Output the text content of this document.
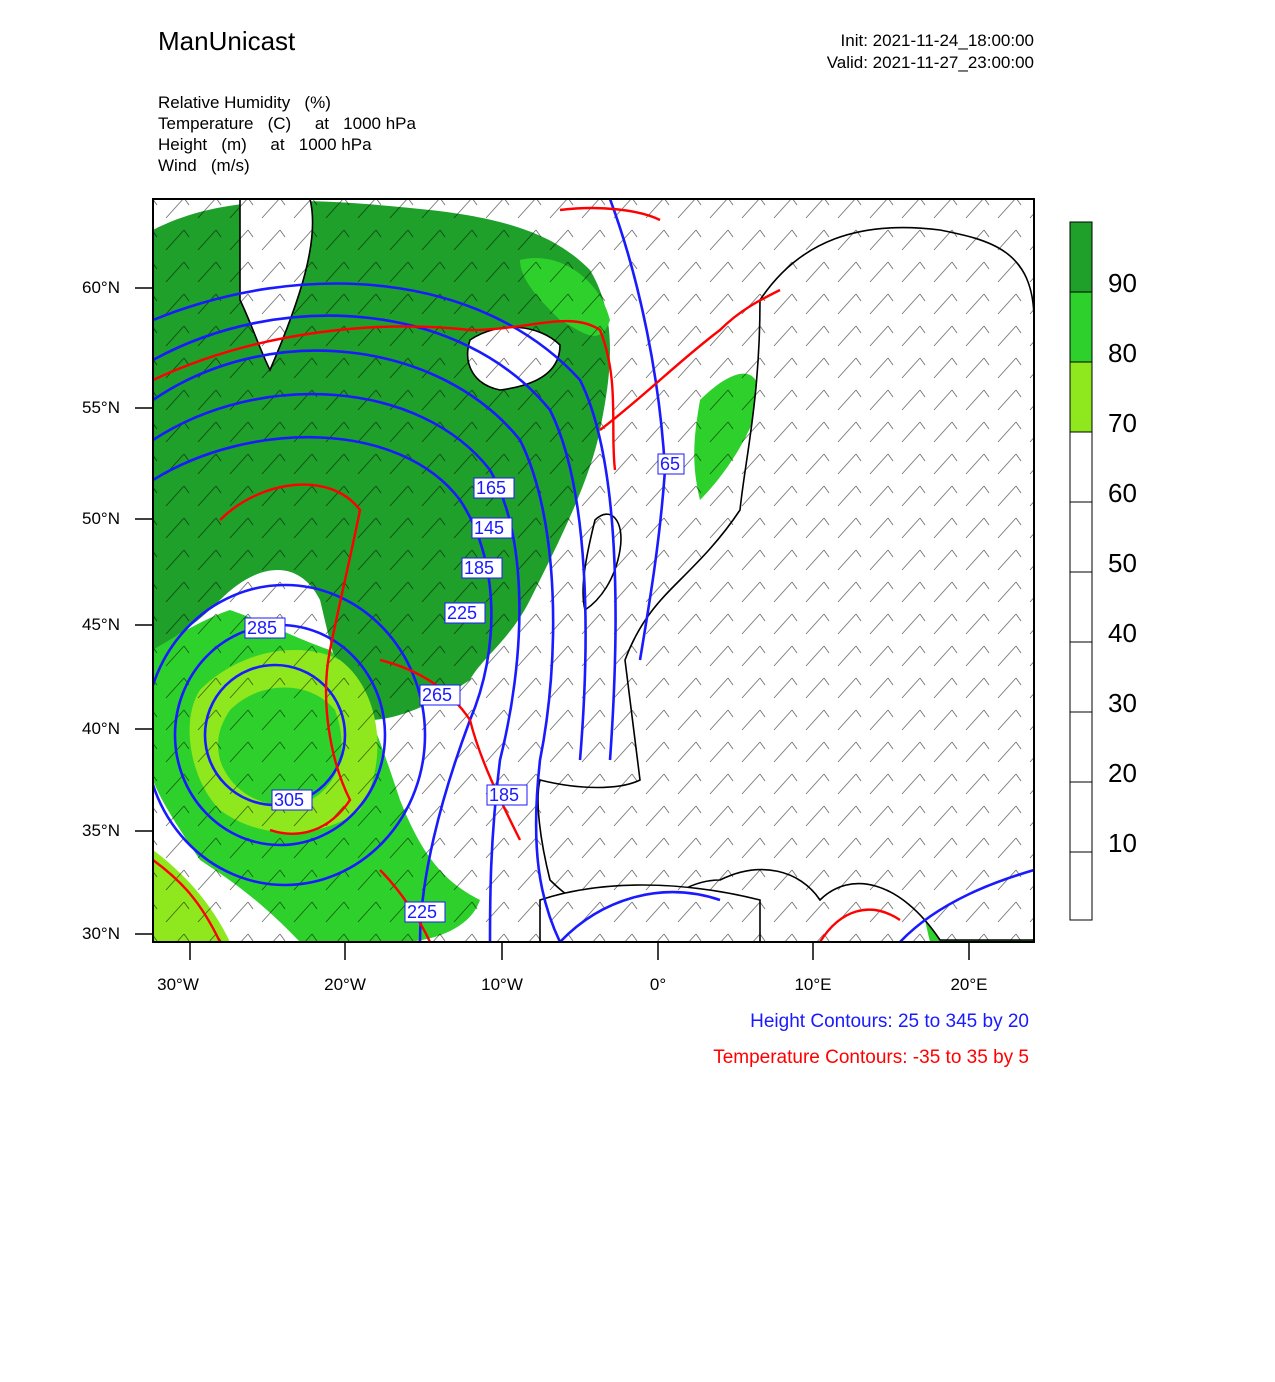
ManUnicast	Init: 2021-11-24_18:00:00
Valid: 2021-11-27_23:00:00
Relative Humidity   (%)
Temperature   (C)     at   1000 hPa
Height   (m)     at   1000 hPa
Wind   (m/s)
65
165
145
185
225
285
265
305	185
225
60°N
55°N
50°N
45°N
40°N
35°N
30°N
30°W	20°W	10°W	0°	10°E	20°E
90
80
70
60
50
40
30
20
10
Height Contours: 25 to 345 by 20
Temperature Contours: -35 to 35 by 5
